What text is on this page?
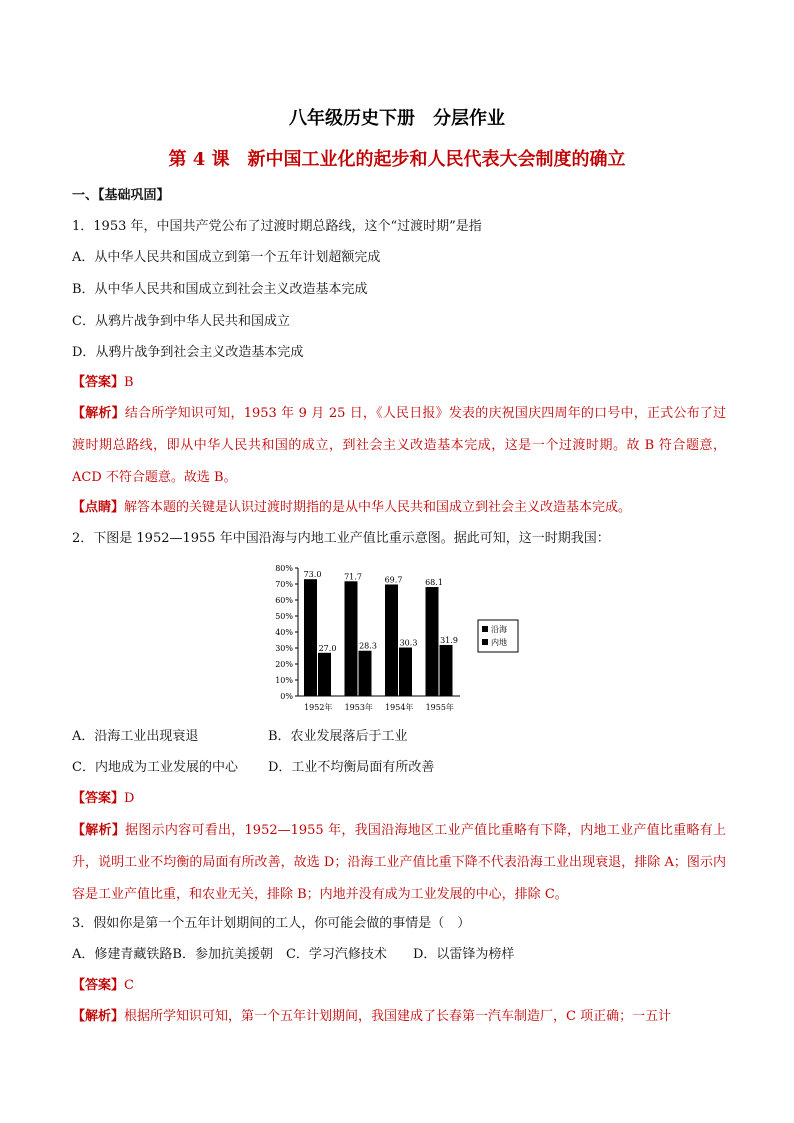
八年级历史下册　分层作业
第 4 课　新中国工业化的起步和人民代表大会制度的确立
一、【基础巩固】
1．1953 年，中国共产党公布了过渡时期总路线，这个“过渡时期”是指
A．从中华人民共和国成立到第一个五年计划超额完成
B．从中华人民共和国成立到社会主义改造基本完成
C．从鸦片战争到中华人民共和国成立
D．从鸦片战争到社会主义改造基本完成
【答案】B
【解析】结合所学知识可知，1953 年 9 月 25 日，《人民日报》发表的庆祝国庆四周年的口号中，正式公布了过渡时期总路线，即从中华人民共和国的成立，到社会主义改造基本完成，这是一个过渡时期。故 B 符合题意，ACD 不符合题意。故选 B。
【点睛】解答本题的关键是认识过渡时期指的是从中华人民共和国成立到社会主义改造基本完成。
2．下图是 1952—1955 年中国沿海与内地工业产值比重示意图。据此可知，这一时期我国：
0%
10%
20%
30%
40%
50%
60%
70%
80%
73.0
27.0
1952年
71.7
28.3
1953年
69.7
30.3
1954年
68.1
31.9
1955年
沿海
内地
A．沿海工业出现衰退	B．农业发展落后于工业
C．内地成为工业发展的中心 D．工业不均衡局面有所改善
【答案】D
【解析】据图示内容可看出，1952—1955 年，我国沿海地区工业产值比重略有下降，内地工业产值比重略有上升，说明工业不均衡的局面有所改善，故选 D；沿海工业产值比重下降不代表沿海工业出现衰退，排除 A；图示内容是工业产值比重，和农业无关，排除 B；内地并没有成为工业发展的中心，排除 C。
3．假如你是第一个五年计划期间的工人，你可能会做的事情是（　）
A．修建青藏铁路B．参加抗美援朝　 C．学习汽修技术　　 D．以雷锋为榜样
【答案】C
【解析】根据所学知识可知，第一个五年计划期间，我国建成了长春第一汽车制造厂，C 项正确；一五计
